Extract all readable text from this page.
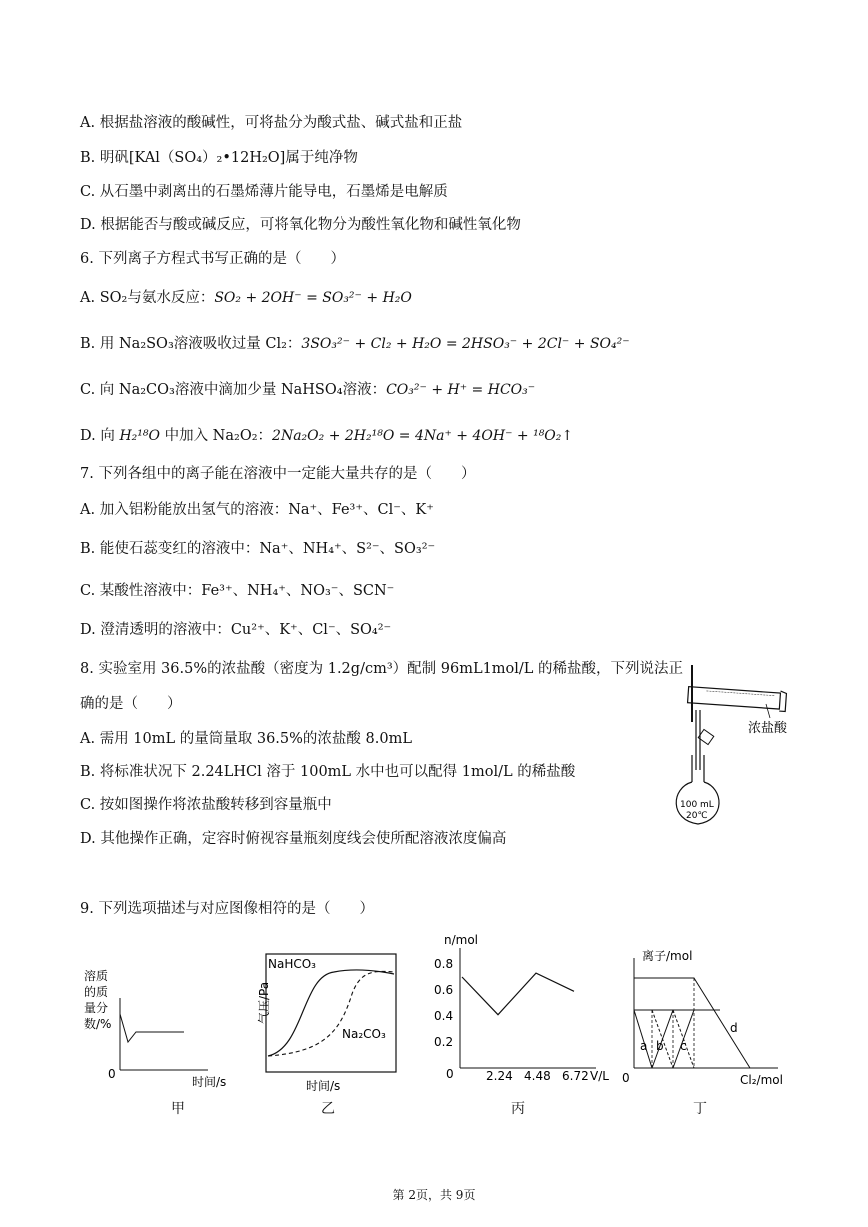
A. 根据盐溶液的酸碱性，可将盐分为酸式盐、碱式盐和正盐
B. 明矾[KAl（SO₄）₂•12H₂O]属于纯净物
C. 从石墨中剥离出的石墨烯薄片能导电，石墨烯是电解质
D. 根据能否与酸或碱反应，可将氧化物分为酸性氧化物和碱性氧化物
6. 下列离子方程式书写正确的是（　　）
A. SO₂与氨水反应：SO₂ + 2OH⁻ = SO₃²⁻ + H₂O
B. 用 Na₂SO₃溶液吸收过量 Cl₂：3SO₃²⁻ + Cl₂ + H₂O = 2HSO₃⁻ + 2Cl⁻ + SO₄²⁻
C. 向 Na₂CO₃溶液中滴加少量 NaHSO₄溶液：CO₃²⁻ + H⁺ = HCO₃⁻
D. 向 H₂¹⁸O 中加入 Na₂O₂：2Na₂O₂ + 2H₂¹⁸O = 4Na⁺ + 4OH⁻ + ¹⁸O₂↑
7. 下列各组中的离子能在溶液中一定能大量共存的是（　　）
A. 加入铝粉能放出氢气的溶液：Na⁺、Fe³⁺、Cl⁻、K⁺
B. 能使石蕊变红的溶液中：Na⁺、NH₄⁺、S²⁻、SO₃²⁻
C. 某酸性溶液中：Fe³⁺、NH₄⁺、NO₃⁻、SCN⁻
D. 澄清透明的溶液中：Cu²⁺、K⁺、Cl⁻、SO₄²⁻
8. 实验室用 36.5%的浓盐酸（密度为 1.2g/cm³）配制 96mL1mol/L 的稀盐酸，下列说法正
确的是（　　）
A. 需用 10mL 的量筒量取 36.5%的浓盐酸 8.0mL
B. 将标准状况下 2.24LHCl 溶于 100mL 水中也可以配得 1mol/L 的稀盐酸
C. 按如图操作将浓盐酸转移到容量瓶中
D. 其他操作正确，定容时俯视容量瓶刻度线会使所配溶液浓度偏高
浓盐酸
100 mL
20℃
9. 下列选项描述与对应图像相符的是（　　）
溶质
的质
量分
数/%
0
时间/s
甲
NaHCO₃
Na₂CO₃
气压/Pa
时间/s
乙
n/mol
0.8
0.6
0.4
0.2
2.24 4.48 6.72
0	V/L
丙
离子/mol
a b c
d
0	Cl₂/mol
丁
第 2页，共 9页
